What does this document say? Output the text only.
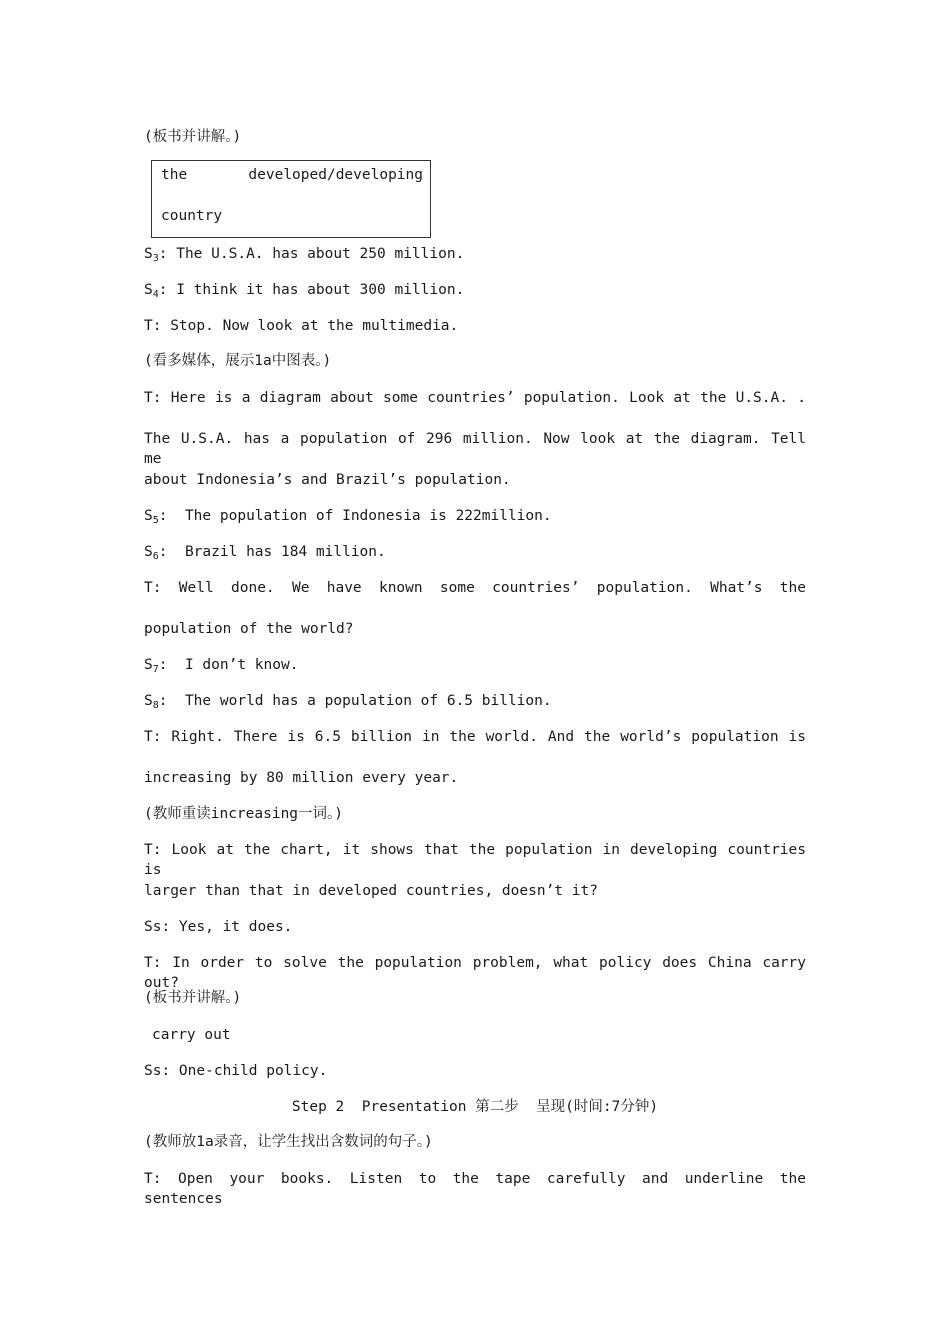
(板书并讲解。)
the developed/developing
country
$S_3$: The U.S.A. has about 250 million.
$S_4$: I think it has about 300 million.
T: Stop. Now look at the multimedia.
(看多媒体，展示1a中图表。)
T: Here is a diagram about some countries’ population. Look at the U.S.A. .
The U.S.A. has a population of 296 million. Now look at the diagram. Tell me
about Indonesia’s and Brazil’s population.
$S_5$:  The population of Indonesia is 222million.
$S_6$:  Brazil has 184 million.
T: Well done. We have known some countries’ population. What’s the
population of the world?
$S_7$:  I don’t know.
$S_8$:  The world has a population of 6.5 billion.
T: Right. There is 6.5 billion in the world. And the world’s population is
increasing by 80 million every year.
(教师重读increasing一词。)
T: Look at the chart, it shows that the population in developing countries is
larger than that in developed countries, doesn’t it?
Ss: Yes, it does.
T: In order to solve the population problem, what policy does China carry out?
(板书并讲解。)
carry out
Ss: One-child policy.
Step 2  Presentation 第二步  呈现(时间:7分钟)
(教师放1a录音，让学生找出含数词的句子。)
T: Open your books. Listen to the tape carefully and underline the sentences
